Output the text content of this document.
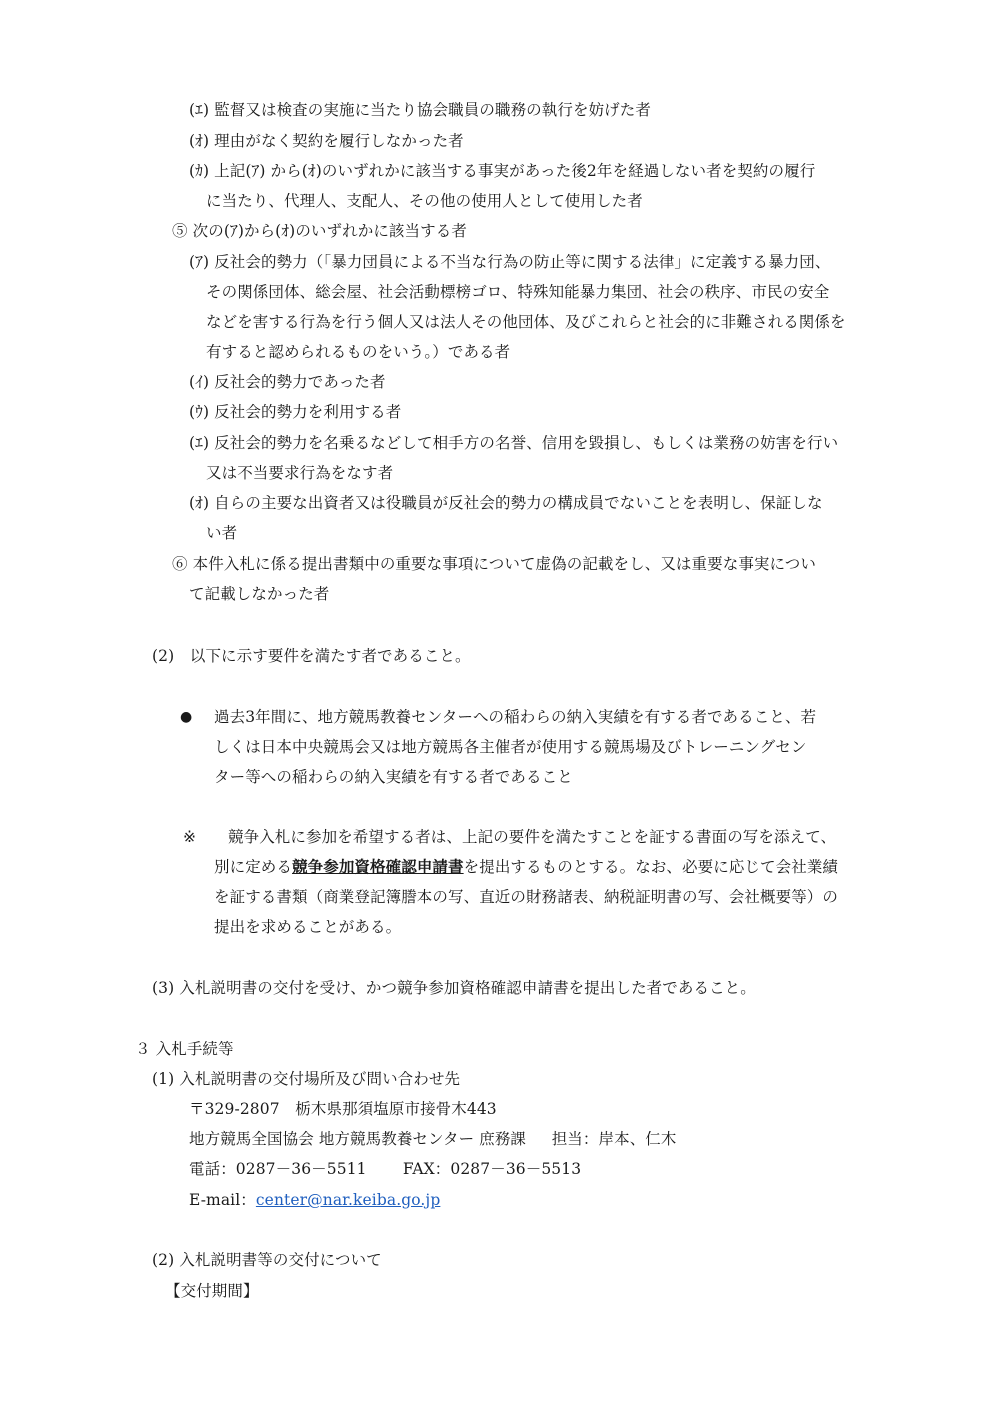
(ｴ) 監督又は検査の実施に当たり協会職員の職務の執行を妨げた者
(ｵ) 理由がなく契約を履行しなかった者
(ｶ) 上記(ｱ) から(ｵ)のいずれかに該当する事実があった後2年を経過しない者を契約の履行
に当たり、代理人、支配人、その他の使用人として使用した者
⑤ 次の(ｱ)から(ｵ)のいずれかに該当する者
(ｱ) 反社会的勢力（「暴力団員による不当な行為の防止等に関する法律」に定義する暴力団、
その関係団体、総会屋、社会活動標榜ゴロ、特殊知能暴力集団、社会の秩序、市民の安全
などを害する行為を行う個人又は法人その他団体、及びこれらと社会的に非難される関係を
有すると認められるものをいう。）である者
(ｲ) 反社会的勢力であった者
(ｳ) 反社会的勢力を利用する者
(ｴ) 反社会的勢力を名乗るなどして相手方の名誉、信用を毀損し、もしくは業務の妨害を行い
又は不当要求行為をなす者
(ｵ) 自らの主要な出資者又は役職員が反社会的勢力の構成員でないことを表明し、保証しな
い者
⑥ 本件入札に係る提出書類中の重要な事項について虚偽の記載をし、又は重要な事実につい
て記載しなかった者
(2)　以下に示す要件を満たす者であること。
● 過去3年間に、地方競馬教養センターへの稲わらの納入実績を有する者であること、若
しくは日本中央競馬会又は地方競馬各主催者が使用する競馬場及びトレーニングセン
ター等への稲わらの納入実績を有する者であること
※ 競争入札に参加を希望する者は、上記の要件を満たすことを証する書面の写を添えて、
別に定める競争参加資格確認申請書を提出するものとする。なお、必要に応じて会社業績
を証する書類（商業登記簿謄本の写、直近の財務諸表、納税証明書の写、会社概要等）の
提出を求めることがある。
(3) 入札説明書の交付を受け、かつ競争参加資格確認申請書を提出した者であること。
３ 入札手続等
(1) 入札説明書の交付場所及び問い合わせ先
〒329-2807　栃木県那須塩原市接骨木443
地方競馬全国協会 地方競馬教養センター 庶務課 　 担当：岸本、仁木
電話：0287－36－5511　　 FAX：0287－36－5513
E-mail：center@nar.keiba.go.jp
(2) 入札説明書等の交付について
【交付期間】
